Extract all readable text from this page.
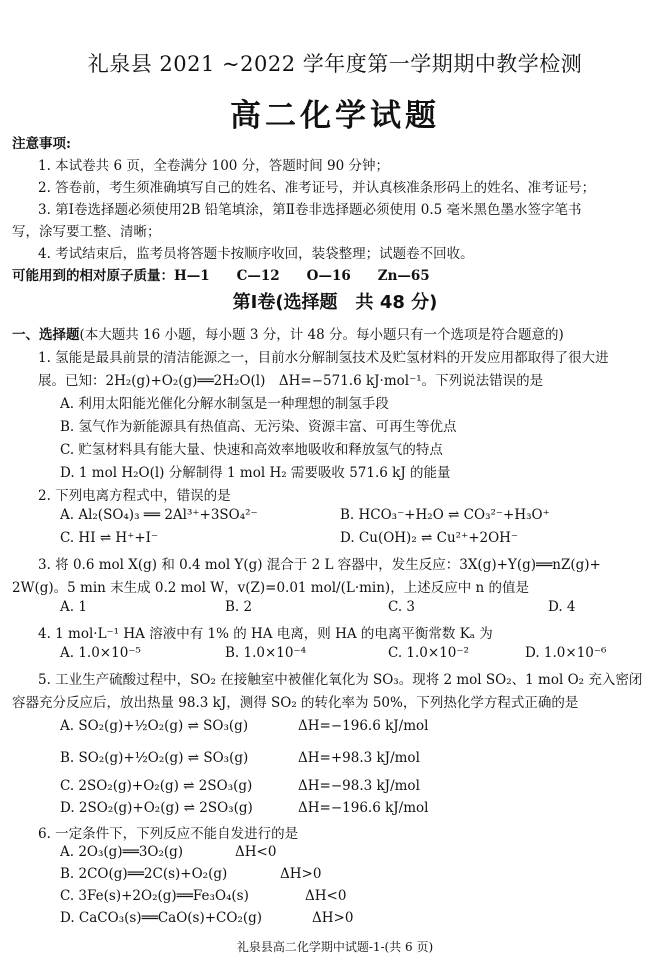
礼泉县 2021 ~2022 学年度第一学期期中教学检测
高二化学试题
注意事项:
1. 本试卷共 6 页，全卷满分 100 分，答题时间 90 分钟；
2. 答卷前，考生须准确填写自己的姓名、准考证号，并认真核准条形码上的姓名、准考证号；
3. 第Ⅰ卷选择题必须使用2B 铅笔填涂，第Ⅱ卷非选择题必须使用 0.5 毫米黑色墨水签字笔书
写，涂写要工整、清晰；
4. 考试结束后，监考员将答题卡按顺序收回，装袋整理；试题卷不回收。
可能用到的相对原子质量：H—1　　C—12　　O—16　　Zn—65
第Ⅰ卷(选择题　共 48 分)
一、选择题(本大题共 16 小题，每小题 3 分，计 48 分。每小题只有一个选项是符合题意的)
1. 氢能是最具前景的清洁能源之一，目前水分解制氢技术及贮氢材料的开发应用都取得了很大进
展。已知：2H₂(g)+O₂(g)══2H₂O(l)　ΔH=−571.6 kJ·mol⁻¹。下列说法错误的是
A. 利用太阳能光催化分解水制氢是一种理想的制氢手段
B. 氢气作为新能源具有热值高、无污染、资源丰富、可再生等优点
C. 贮氢材料具有能大量、快速和高效率地吸收和释放氢气的特点
D. 1 mol H₂O(l) 分解制得 1 mol H₂ 需要吸收 571.6 kJ 的能量
2. 下列电离方程式中，错误的是
A. Al₂(SO₄)₃ ══ 2Al³⁺+3SO₄²⁻	B. HCO₃⁻+H₂O ⇌ CO₃²⁻+H₃O⁺
C. HI ⇌ H⁺+I⁻	D. Cu(OH)₂ ⇌ Cu²⁺+2OH⁻
3. 将 0.6 mol X(g) 和 0.4 mol Y(g) 混合于 2 L 容器中，发生反应：3X(g)+Y(g)══nZ(g)+
2W(g)。5 min 末生成 0.2 mol W，v(Z)=0.01 mol/(L·min)，上述反应中 n 的值是
A. 1	B. 2	C. 3	D. 4
4. 1 mol·L⁻¹ HA 溶液中有 1% 的 HA 电离，则 HA 的电离平衡常数 Kₐ 为
A. 1.0×10⁻⁵	B. 1.0×10⁻⁴	C. 1.0×10⁻²	D. 1.0×10⁻⁶
5. 工业生产硫酸过程中，SO₂ 在接触室中被催化氧化为 SO₃。现将 2 mol SO₂、1 mol O₂ 充入密闭
容器充分反应后，放出热量 98.3 kJ，测得 SO₂ 的转化率为 50%，下列热化学方程式正确的是
A. SO₂(g)+½O₂(g) ⇌ SO₃(g)	ΔH=−196.6 kJ/mol
B. SO₂(g)+½O₂(g) ⇌ SO₃(g)	ΔH=+98.3 kJ/mol
C. 2SO₂(g)+O₂(g) ⇌ 2SO₃(g)	ΔH=−98.3 kJ/mol
D. 2SO₂(g)+O₂(g) ⇌ 2SO₃(g)	ΔH=−196.6 kJ/mol
6. 一定条件下，下列反应不能自发进行的是
A. 2O₃(g)══3O₂(g)	ΔH<0
B. 2CO(g)══2C(s)+O₂(g)	ΔH>0
C. 3Fe(s)+2O₂(g)══Fe₃O₄(s)	ΔH<0
D. CaCO₃(s)══CaO(s)+CO₂(g)	ΔH>0
礼泉县高二化学期中试题-1-(共 6 页)
